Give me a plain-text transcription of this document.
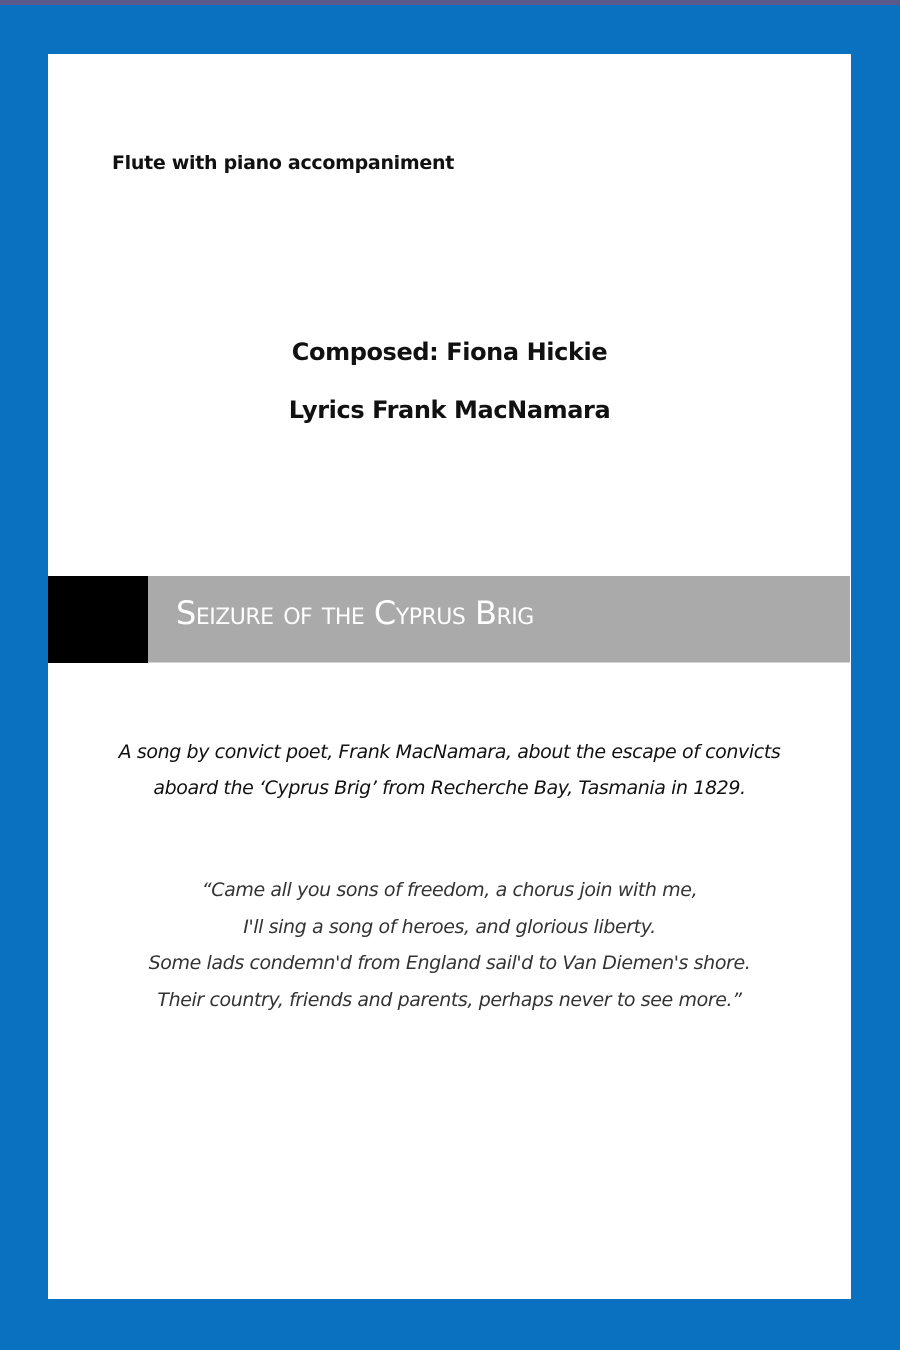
Flute with piano accompaniment
Composed: Fiona Hickie
Lyrics Frank MacNamara
Seizure of the Cyprus Brig
A song by convict poet, Frank MacNamara, about the escape of convicts
aboard the ‘Cyprus Brig’ from Recherche Bay, Tasmania in 1829.
“Came all you sons of freedom, a chorus join with me,
I'll sing a song of heroes, and glorious liberty.
Some lads condemn'd from England sail'd to Van Diemen's shore.
Their country, friends and parents, perhaps never to see more.”
